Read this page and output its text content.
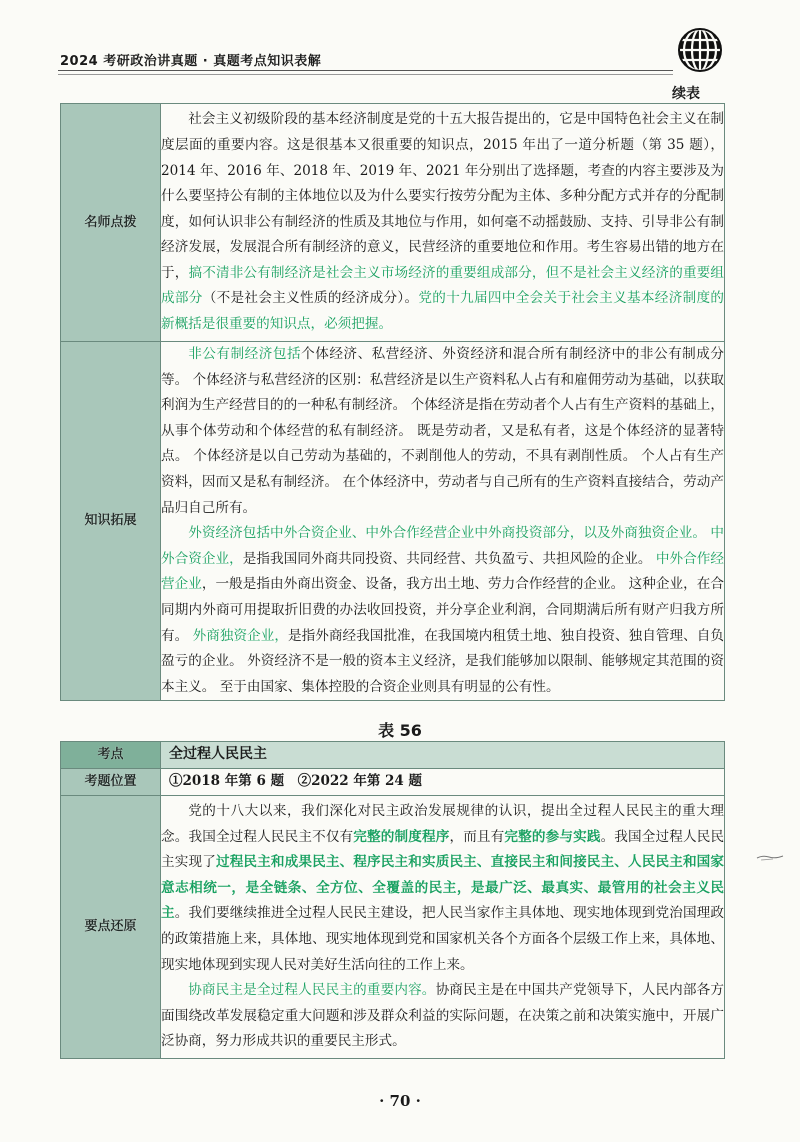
2024 考研政治讲真题 · 真题考点知识表解
续表
名师点拨	社会主义初级阶段的基本经济制度是党的十五大报告提出的，它是中国特色社会主义在制度层面的重要内容。这是很基本又很重要的知识点，2015 年出了一道分析题（第 35 题），2014 年、2016 年、2018 年、2019 年、2021 年分别出了选择题，考查的内容主要涉及为什么要坚持公有制的主体地位以及为什么要实行按劳分配为主体、多种分配方式并存的分配制度，如何认识非公有制经济的性质及其地位与作用，如何毫不动摇鼓励、支持、引导非公有制经济发展，发展混合所有制经济的意义，民营经济的重要地位和作用。考生容易出错的地方在于，搞不清非公有制经济是社会主义市场经济的重要组成部分，但不是社会主义经济的重要组成部分（不是社会主义性质的经济成分）。党的十九届四中全会关于社会主义基本经济制度的新概括是很重要的知识点，必须把握。

知识拓展	非公有制经济包括个体经济、私营经济、外资经济和混合所有制经济中的非公有制成分等。 个体经济与私营经济的区别：私营经济是以生产资料私人占有和雇佣劳动为基础，以获取利润为生产经营目的的一种私有制经济。 个体经济是指在劳动者个人占有生产资料的基础上，从事个体劳动和个体经营的私有制经济。 既是劳动者，又是私有者，这是个体经济的显著特点。 个体经济是以自己劳动为基础的，不剥削他人的劳动，不具有剥削性质。 个人占有生产资料，因而又是私有制经济。 在个体经济中，劳动者与自己所有的生产资料直接结合，劳动产品归自己所有。

外资经济包括中外合资企业、中外合作经营企业中外商投资部分，以及外商独资企业。 中外合资企业，是指我国同外商共同投资、共同经营、共负盈亏、共担风险的企业。 中外合作经营企业，一般是指由外商出资金、设备，我方出土地、劳力合作经营的企业。 这种企业，在合同期内外商可用提取折旧费的办法收回投资，并分享企业利润，合同期满后所有财产归我方所有。 外商独资企业，是指外商经我国批准，在我国境内租赁土地、独自投资、独自管理、自负盈亏的企业。 外资经济不是一般的资本主义经济，是我们能够加以限制、能够规定其范围的资本主义。 至于由国家、集体控股的合资企业则具有明显的公有性。

表 56
考点	全过程人民民主
考题位置	①2018 年第 6 题　②2022 年第 24 题
要点还原	党的十八大以来，我们深化对民主政治发展规律的认识，提出全过程人民民主的重大理念。我国全过程人民民主不仅有完整的制度程序，而且有完整的参与实践。我国全过程人民民主实现了过程民主和成果民主、程序民主和实质民主、直接民主和间接民主、人民民主和国家意志相统一，是全链条、全方位、全覆盖的民主，是最广泛、最真实、最管用的社会主义民主。我们要继续推进全过程人民民主建设，把人民当家作主具体地、现实地体现到党治国理政的政策措施上来，具体地、现实地体现到党和国家机关各个方面各个层级工作上来，具体地、现实地体现到实现人民对美好生活向往的工作上来。

协商民主是全过程人民民主的重要内容。协商民主是在中国共产党领导下，人民内部各方面围绕改革发展稳定重大问题和涉及群众利益的实际问题，在决策之前和决策实施中，开展广泛协商，努力形成共识的重要民主形式。

· 70 ·
